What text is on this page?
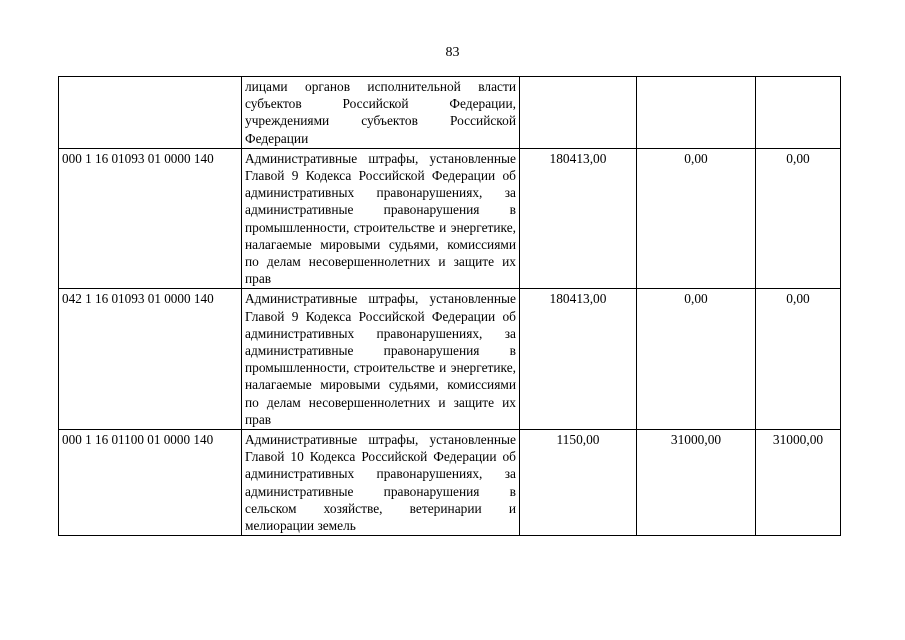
83
	лицами органов исполнительной власти субъектов Российской Федерации, учреждениями субъектов Российской Федерации			
000 1 16 01093 01 0000 140	Административные штрафы, установленные Главой 9 Кодекса Российской Федерации об административных правонарушениях, за административные правонарушения в промышленности, строительстве и энергетике, налагаемые мировыми судьями, комиссиями по делам несовершеннолетних и защите их прав	180413,00	0,00	0,00
042 1 16 01093 01 0000 140	Административные штрафы, установленные Главой 9 Кодекса Российской Федерации об административных правонарушениях, за административные правонарушения в промышленности, строительстве и энергетике, налагаемые мировыми судьями, комиссиями по делам несовершеннолетних и защите их прав	180413,00	0,00	0,00
000 1 16 01100 01 0000 140	Административные штрафы, установленные Главой 10 Кодекса Российской Федерации об административных правонарушениях, за административные правонарушения в сельском хозяйстве, ветеринарии и мелиорации земель	1150,00	31000,00	31000,00
